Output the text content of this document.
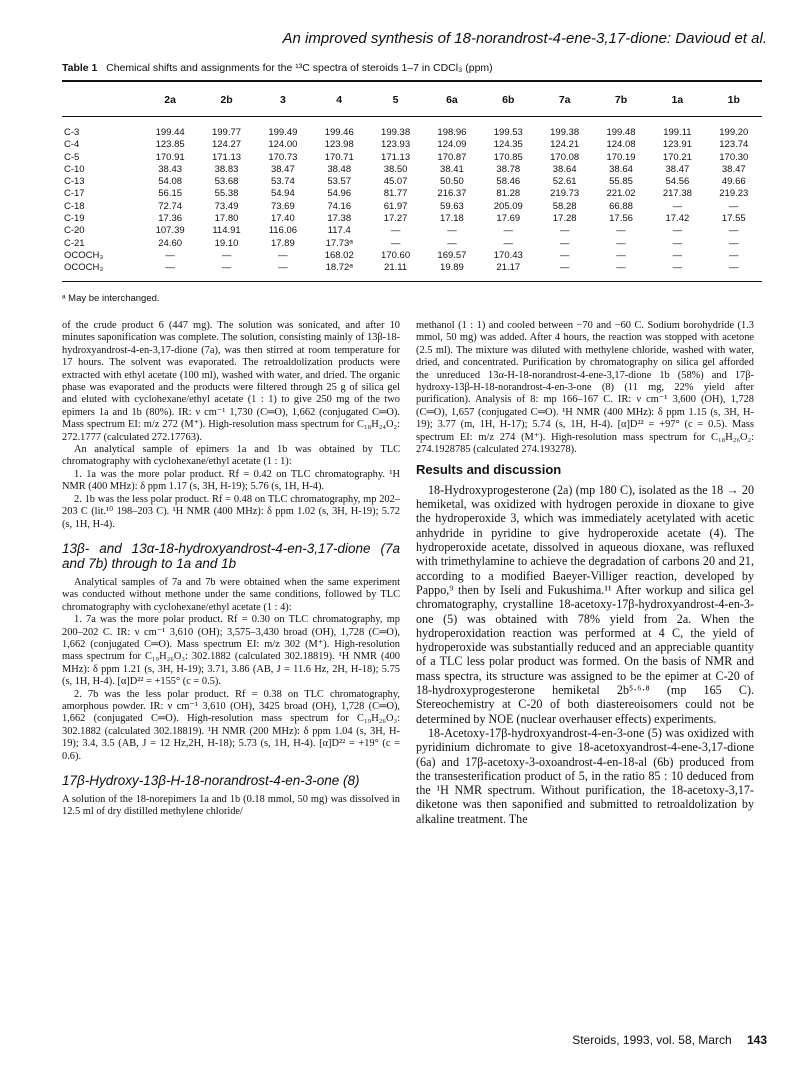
An improved synthesis of 18-norandrost-4-ene-3,17-dione: Davioud et al.
Table 1 Chemical shifts and assignments for the ¹³C spectra of steroids 1–7 in CDCl₃ (ppm)
	2a	2b	3	4	5	6a	6b	7a	7b	1a	1b
C-3	199.44	199.77	199.49	199.46	199.38	198.96	199.53	199.38	199.48	199.11	199.20
C-4	123.85	124.27	124.00	123.98	123.93	124.09	124.35	124.21	124.08	123.91	123.74
C-5	170.91	171.13	170.73	170.71	171.13	170.87	170.85	170.08	170.19	170.21	170.30
C-10	38.43	38.83	38.47	38.48	38.50	38.41	38.78	38.64	38.64	38.47	38.47
C-13	54.08	53.68	53.74	53.57	45.07	50.50	58.46	52.61	55.85	54.56	49.66
C-17	56.15	55.38	54.94	54.96	81.77	216.37	81.28	219.73	221.02	217.38	219.23
C-18	72.74	73.49	73.69	74.16	61.97	59.63	205.09	58.28	66.88	—	—
C-19	17.36	17.80	17.40	17.38	17.27	17.18	17.69	17.28	17.56	17.42	17.55
C-20	107.39	114.91	116.06	117.4	—	—	—	—	—	—	—
C-21	24.60	19.10	17.89	17.73ᵃ	—	—	—	—	—	—	—
OCOCH₃	—	—	—	168.02	170.60	169.57	170.43	—	—	—	—
OCOCH₃	—	—	—	18.72ᵃ	21.11	19.89	21.17	—	—	—	—

ᵃ May be interchanged.

of the crude product 6 (447 mg). The solution was sonicated, and after 10 minutes saponification was complete. The solution, consisting mainly of 13β-18-hydroxyandrost-4-en-3,17-dione (7a), was then stirred at room temperature for 17 hours. The solvent was evaporated. The retroaldolization products were extracted with ethyl acetate (100 ml), washed with water, and dried. The organic phase was evaporated and the products were filtered through 25 g of silica gel and eluted with cyclohexane/ethyl acetate (1 : 1) to give 250 mg of the two epimers 1a and 1b (80%). IR: ν cm⁻¹ 1,730 (C═O), 1,662 (conjugated C═O). Mass spectrum EI: m/z 272 (M⁺). High-resolution mass spectrum for C₁₈H₂₄O₂: 272.1777 (calculated 272.17763).

An analytical sample of epimers 1a and 1b was obtained by TLC chromatography with cyclohexane/ethyl acetate (1 : 1):

1. 1a was the more polar product. Rf = 0.42 on TLC chromatography. ¹H NMR (400 MHz): δ ppm 1.17 (s, 3H, H-19); 5.76 (s, 1H, H-4).

2. 1b was the less polar product. Rf = 0.48 on TLC chromatography, mp 202–203 C (lit.¹⁰ 198–203 C). ¹H NMR (400 MHz): δ ppm 1.02 (s, 3H, H-19); 5.72 (s, 1H, H-4).

13β- and 13α-18-hydroxyandrost-4-en-3,17-dione (7a and 7b) through to 1a and 1b

Analytical samples of 7a and 7b were obtained when the same experiment was conducted without methone under the same conditions, followed by TLC chromatography with cyclohexane/ethyl acetate (1 : 4):

1. 7a was the more polar product. Rf = 0.30 on TLC chromatography, mp 200–202 C. IR: ν cm⁻¹ 3,610 (OH); 3,575–3,430 broad (OH), 1,728 (C═O), 1,662 (conjugated C═O). Mass spectrum EI: m/z 302 (M⁺). High-resolution mass spectrum for C₁₉H₂₆O₃: 302.1882 (calculated 302.18819). ¹H NMR (400 MHz): δ ppm 1.21 (s, 3H, H-19); 3.71, 3.86 (AB, J = 11.6 Hz, 2H, H-18); 5.75 (s, 1H, H-4). [α]D²² = +155° (c = 0.5).

2. 7b was the less polar product. Rf = 0.38 on TLC chromatography, amorphous powder. IR: ν cm⁻¹ 3,610 (OH), 3425 broad (OH), 1,728 (C═O), 1,662 (conjugated C═O). High-resolution mass spectrum for C₁₉H₂₆O₃: 302.1882 (calculated 302.18819). ¹H NMR (200 MHz): δ ppm 1.04 (s, 3H, H-19); 3.4, 3.5 (AB, J = 12 Hz,2H, H-18); 5.73 (s, 1H, H-4). [α]D²² = +19° (c = 0.6).

17β-Hydroxy-13β-H-18-norandrost-4-en-3-one (8)

A solution of the 18-norepimers 1a and 1b (0.18 mmol, 50 mg) was dissolved in 12.5 ml of dry distilled methylene chloride/

methanol (1 : 1) and cooled between −70 and −60 C. Sodium borohydride (1.3 mmol, 50 mg) was added. After 4 hours, the reaction was stopped with acetone (2.5 ml). The mixture was diluted with methylene chloride, washed with water, dried, and concentrated. Purification by chromatography on silica gel afforded the unreduced 13α-H-18-norandrost-4-ene-3,17-dione 1b (58%) and 17β-hydroxy-13β-H-18-norandrost-4-en-3-one (8) (11 mg, 22% yield after purification). Analysis of 8: mp 166–167 C. IR: ν cm⁻¹ 3,600 (OH), 1,728 (C═O), 1,657 (conjugated C═O). ¹H NMR (400 MHz): δ ppm 1.15 (s, 3H, H-19); 3.77 (m, 1H, H-17); 5.74 (s, 1H, H-4). [α]D²² = +97° (c = 0.5). Mass spectrum EI: m/z 274 (M⁺). High-resolution mass spectrum for C₁₈H₂₆O₂: 274.1928785 (calculated 274.193278).

Results and discussion

18-Hydroxyprogesterone (2a) (mp 180 C), isolated as the 18 → 20 hemiketal, was oxidized with hydrogen peroxide in dioxane to give the hydroperoxide 3, which was immediately acetylated with acetic anhydride in pyridine to give hydroperoxide acetate (4). The hydroperoxide acetate, dissolved in aqueous dioxane, was refluxed with trimethylamine to achieve the degradation of carbons 20 and 21, according to a modified Baeyer-Villiger reaction, developed by Pappo,⁹ then by Iseli and Fukushima.¹¹ After workup and silica gel chromatography, crystalline 18-acetoxy-17β-hydroxyandrost-4-en-3-one (5) was obtained with 78% yield from 2a. When the hydroperoxidation reaction was performed at 4 C, the yield of hydroperoxide was substantially reduced and an appreciable quantity of a TLC less polar product was formed. On the basis of NMR and mass spectra, its structure was assigned to be the epimer at C-20 of 18-hydroxyprogesterone hemiketal 2b⁵·⁶·⁸ (mp 165 C). Stereochemistry at C-20 of both diastereoisomers could not be determined by NOE (nuclear overhauser effects) experiments.

18-Acetoxy-17β-hydroxyandrost-4-en-3-one (5) was oxidized with pyridinium dichromate to give 18-acetoxyandrost-4-ene-3,17-dione (6a) and 17β-acetoxy-3-oxoandrost-4-en-18-al (6b) produced from the transesterification product of 5, in the ratio 85 : 10 deduced from the ¹H NMR spectrum. Without purification, the 18-acetoxy-3,17-diketone was then saponified and submitted to retroaldolization by alkaline treatment. The

Steroids, 1993, vol. 58, March 143
